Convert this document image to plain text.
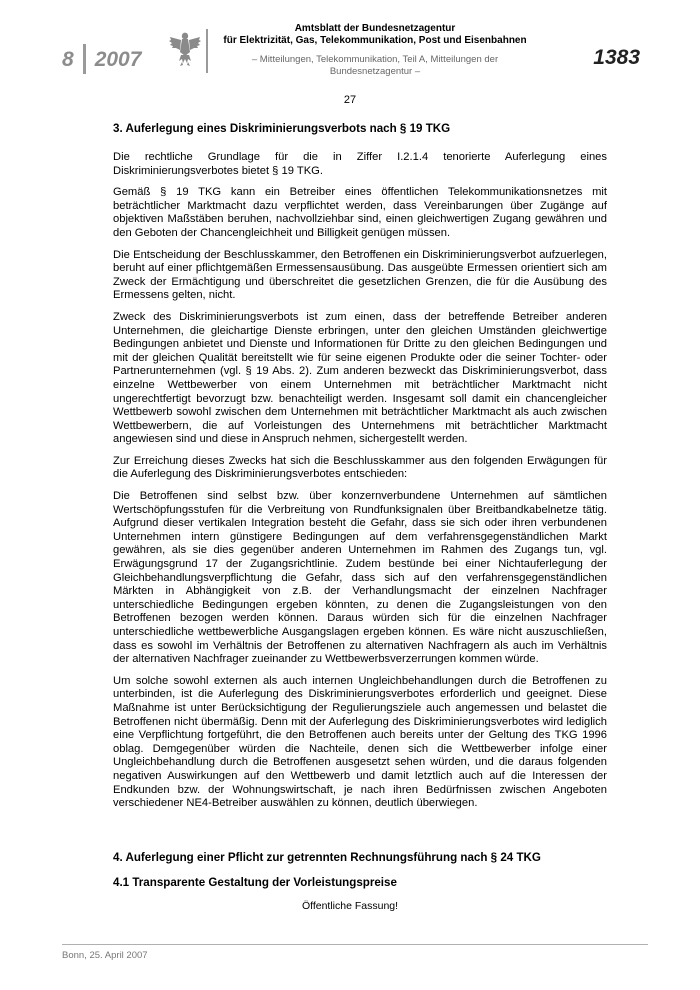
8 2007
Amtsblatt der Bundesnetzagentur
für Elektrizität, Gas, Telekommunikation, Post und Eisenbahnen
– Mitteilungen, Telekommunikation, Teil A, Mitteilungen der Bundesnetzagentur –
1383
27
3. Auferlegung eines Diskriminierungsverbots nach § 19 TKG

Die rechtliche Grundlage für die in Ziffer I.2.1.4 tenorierte Auferlegung eines Diskriminierungsverbotes bietet § 19 TKG.

Gemäß § 19 TKG kann ein Betreiber eines öffentlichen Telekommunikationsnetzes mit beträchtlicher Marktmacht dazu verpflichtet werden, dass Vereinbarungen über Zugänge auf objektiven Maßstäben beruhen, nachvollziehbar sind, einen gleichwertigen Zugang gewähren und den Geboten der Chancengleichheit und Billigkeit genügen müssen.

Die Entscheidung der Beschlusskammer, den Betroffenen ein Diskriminierungsverbot aufzuerlegen, beruht auf einer pflichtgemäßen Ermessensausübung. Das ausgeübte Ermessen orientiert sich am Zweck der Ermächtigung und überschreitet die gesetzlichen Grenzen, die für die Ausübung des Ermessens gelten, nicht.

Zweck des Diskriminierungsverbots ist zum einen, dass der betreffende Betreiber anderen Unternehmen, die gleichartige Dienste erbringen, unter den gleichen Umständen gleichwertige Bedingungen anbietet und Dienste und Informationen für Dritte zu den gleichen Bedingungen und mit der gleichen Qualität bereitstellt wie für seine eigenen Produkte oder die seiner Tochter- oder Partnerunternehmen (vgl. § 19 Abs. 2). Zum anderen bezweckt das Diskriminierungsverbot, dass einzelne Wettbewerber von einem Unternehmen mit beträchtlicher Marktmacht nicht ungerechtfertigt bevorzugt bzw. benachteiligt werden. Insgesamt soll damit ein chancengleicher Wettbewerb sowohl zwischen dem Unternehmen mit beträchtlicher Marktmacht als auch zwischen Wettbewerbern, die auf Vorleistungen des Unternehmens mit beträchtlicher Marktmacht angewiesen sind und diese in Anspruch nehmen, sichergestellt werden.

Zur Erreichung dieses Zwecks hat sich die Beschlusskammer aus den folgenden Erwägungen für die Auferlegung des Diskriminierungsverbotes entschieden:

Die Betroffenen sind selbst bzw. über konzernverbundene Unternehmen auf sämtlichen Wertschöpfungsstufen für die Verbreitung von Rundfunksignalen über Breitbandkabelnetze tätig. Aufgrund dieser vertikalen Integration besteht die Gefahr, dass sie sich oder ihren verbundenen Unternehmen intern günstigere Bedingungen auf dem verfahrensgegenständlichen Markt gewähren, als sie dies gegenüber anderen Unternehmen im Rahmen des Zugangs tun, vgl. Erwägungsgrund 17 der Zugangsrichtlinie. Zudem bestünde bei einer Nichtauferlegung der Gleichbehandlungsverpflichtung die Gefahr, dass sich auf den verfahrensgegenständlichen Märkten in Abhängigkeit von z.B. der Verhandlungsmacht der einzelnen Nachfrager unterschiedliche Bedingungen ergeben könnten, zu denen die Zugangsleistungen von den Betroffenen bezogen werden können. Daraus würden sich für die einzelnen Nachfrager unterschiedliche wettbewerbliche Ausgangslagen ergeben können. Es wäre nicht auszuschließen, dass es sowohl im Verhältnis der Betroffenen zu alternativen Nachfragern als auch im Verhältnis der alternativen Nachfrager zueinander zu Wettbewerbsverzerrungen kommen würde.

Um solche sowohl externen als auch internen Ungleichbehandlungen durch die Betroffenen zu unterbinden, ist die Auferlegung des Diskriminierungsverbotes erforderlich und geeignet. Diese Maßnahme ist unter Berücksichtigung der Regulierungsziele auch angemessen und belastet die Betroffenen nicht übermäßig. Denn mit der Auferlegung des Diskriminierungsverbotes wird lediglich eine Verpflichtung fortgeführt, die den Betroffenen auch bereits unter der Geltung des TKG 1996 oblag. Demgegenüber würden die Nachteile, denen sich die Wettbewerber infolge einer Ungleichbehandlung durch die Betroffenen ausgesetzt sehen würden, und die daraus folgenden negativen Auswirkungen auf den Wettbewerb und damit letztlich auch auf die Interessen der Endkunden bzw. der Wohnungswirtschaft, je nach ihren Bedürfnissen zwischen Angeboten verschiedener NE4-Betreiber auswählen zu können, deutlich überwiegen.

4. Auferlegung einer Pflicht zur getrennten Rechnungsführung nach § 24 TKG
4.1 Transparente Gestaltung der Vorleistungspreise
Öffentliche Fassung!
Bonn, 25. April 2007
